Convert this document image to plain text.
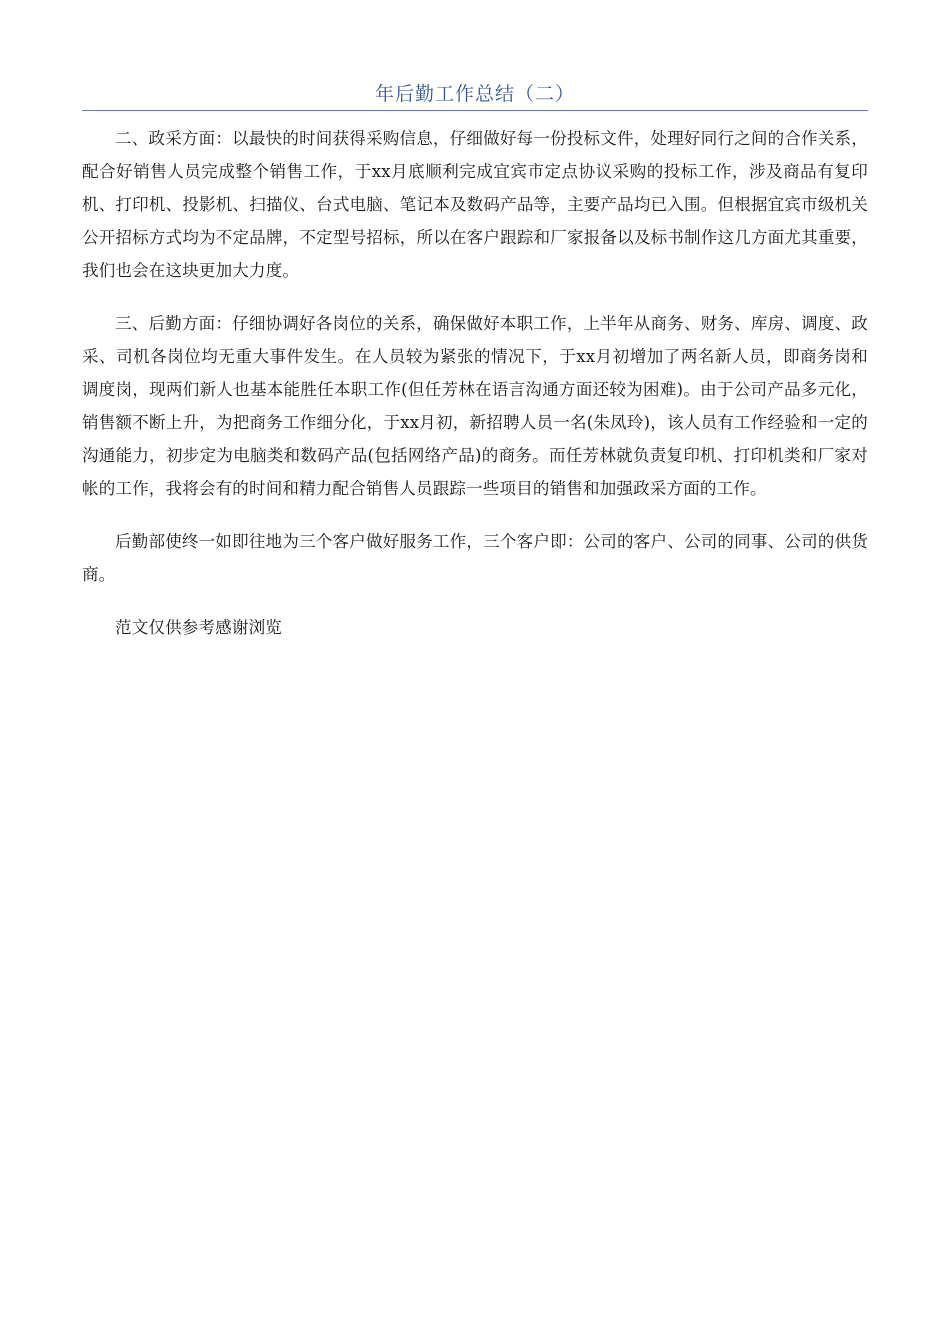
年后勤工作总结（二）

二、政采方面：以最快的时间获得采购信息，仔细做好每一份投标文件，处理好同行之间的合作关系，配合好销售人员完成整个销售工作，于xx月底顺利完成宜宾市定点协议采购的投标工作，涉及商品有复印机、打印机、投影机、扫描仪、台式电脑、笔记本及数码产品等，主要产品均已入围。但根据宜宾市级机关公开招标方式均为不定品牌，不定型号招标，所以在客户跟踪和厂家报备以及标书制作这几方面尤其重要，我们也会在这块更加大力度。

三、后勤方面：仔细协调好各岗位的关系，确保做好本职工作，上半年从商务、财务、库房、调度、政采、司机各岗位均无重大事件发生。在人员较为紧张的情况下，于xx月初增加了两名新人员，即商务岗和调度岗，现两们新人也基本能胜任本职工作(但任芳林在语言沟通方面还较为困难)。由于公司产品多元化，销售额不断上升，为把商务工作细分化，于xx月初，新招聘人员一名(朱凤玲)，该人员有工作经验和一定的沟通能力，初步定为电脑类和数码产品(包括网络产品)的商务。而任芳林就负责复印机、打印机类和厂家对帐的工作，我将会有的时间和精力配合销售人员跟踪一些项目的销售和加强政采方面的工作。

后勤部使终一如即往地为三个客户做好服务工作，三个客户即：公司的客户、公司的同事、公司的供货商。

范文仅供参考感谢浏览
